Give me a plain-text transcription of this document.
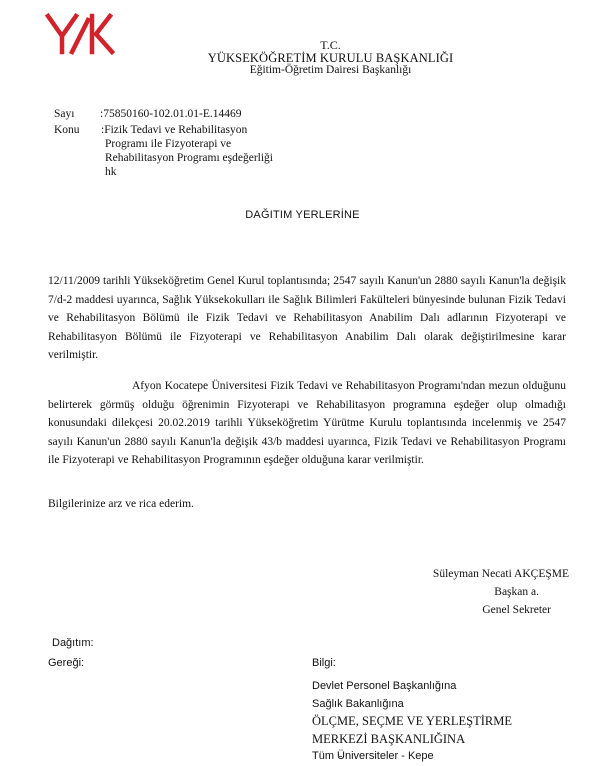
T.C.
YÜKSEKÖĞRETİM KURULU BAŞKANLIĞI
Eğitim-Öğretim Dairesi Başkanlığı
Sayı :75850160-102.01.01-E.14469
Konu	:Fizik Tedavi ve Rehabilitasyon
Programı ile Fizyoterapi ve
Rehabilitasyon Programı eşdeğerliği
hk
DAĞITIM YERLERİNE
12/11/2009 tarihli Yükseköğretim Genel Kurul toplantısında; 2547 sayılı Kanun'un 2880 sayılı Kanun'la değişik 7/d-2 maddesi uyarınca, Sağlık Yüksekokulları ile Sağlık Bilimleri Fakülteleri bünyesinde bulunan Fizik Tedavi ve Rehabilitasyon Bölümü ile Fizik Tedavi ve Rehabilitasyon Anabilim Dalı adlarının Fizyoterapi ve Rehabilitasyon Bölümü ile Fizyoterapi ve Rehabilitasyon Anabilim Dalı olarak değiştirilmesine karar verilmiştir.
Afyon Kocatepe Üniversitesi Fizik Tedavi ve Rehabilitasyon Programı'ndan mezun olduğunu belirterek görmüş olduğu öğrenimin Fizyoterapi ve Rehabilitasyon programına eşdeğer olup olmadığı konusundaki dilekçesi 20.02.2019 tarihli Yükseköğretim Yürütme Kurulu toplantısında incelenmiş ve 2547 sayılı Kanun'un 2880 sayılı Kanun'la değişik 43/b maddesi uyarınca, Fizik Tedavi ve Rehabilitasyon Programı ile Fizyoterapi ve Rehabilitasyon Programının eşdeğer olduğuna karar verilmiştir.
Bilgilerinize arz ve rica ederim.
Süleyman Necati AKÇEŞME
Başkan a.
Genel Sekreter
Dağıtım:
Gereği:	Bilgi:
Devlet Personel Başkanlığına
Sağlık Bakanlığına
ÖLÇME, SEÇME VE YERLEŞTİRME
MERKEZİ BAŞKANLIĞINA
Tüm Üniversiteler - Kepe
